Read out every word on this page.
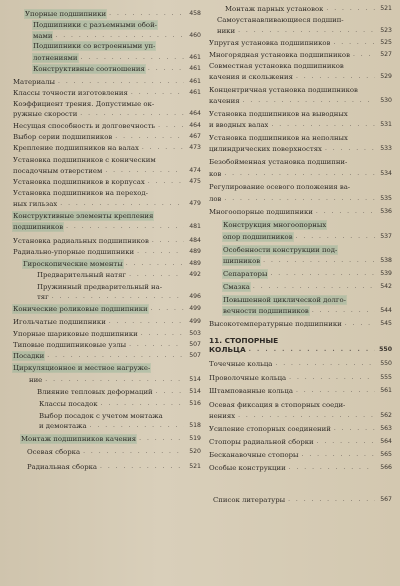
Упорные подшипники . . .	458
Подшипники с разъемными обой-
мами . . .	460
Подшипники со встроенными уп-
лотнениями . . .	461
Конструктивные соотношения . . .	461
Материалы . . .	461
Классы точности изготовления . . .	461
Коэффициент трения. Допустимые ок-
ружные скорости . . .	464
Несущая способность и долговечность . . .	464
Выбор серии подшипников . . .	467
Крепление подшипников на валах . . .	473
Установка подшипников с коническим
посадочным отверстием . . .	474
Установка подшипников в корпусах . . .	475
Установка подшипников на переход-
ных гильзах . . .	479
Конструктивные элементы крепления
подшипников . . .	481
Установка радиальных подшипников . . .	484
Радиально-упорные подшипники . . .	489
Гироскопические моменты . . .	489
Предварительный натяг . . .	492
Пружинный предварительный на-
тяг . . .	496
Конические роликовые подшипники . . .	499
Игольчатые подшипники . . .	499
Упорные шариковые подшипники . . .	503
Типовые подшипниковые узлы . . .	507
Посадки . . .	507
Циркуляционное и местное нагруже-
ние . . .	514
Влияние тепловых деформаций . . .	514
Классы посадок . . .	516
Выбор посадок с учетом монтажа
и демонтажа . . .	518
Монтаж подшипников качения . . .	519
Осевая сборка . . .	520
Радиальная сборка . . .	521
Монтаж парных установок . . .	521
Самоустанавливающиеся подшип-
ники . . .	523
Упругая установка подшипников . . .	525
Многорядная установка подшипников . . .	527
Совместная установка подшипников
качения и скольжения . . .	529
Концентричная установка подшипников
качения . . .	530
Установка подшипников на выводных
и вводных валах . . .	531
Установка подшипников на неполных
цилиндрических поверхностях . . .	533
Безобойменная установка подшипни-
ков . . .	534
Регулирование осевого положения ва-
лов . . .	535
Многоопорные подшипники . . .	536
Конструкция многоопорных
опор подшипников . . .	537
Особенности конструкции под-
шипников . . .	538
Сепараторы . . .	539
Смазка . . .	542
Повышенной циклической долго-
вечности подшипников . . .	544
Высокотемпературные подшипники . . .	545
11. СТОПОРНЫЕ
КОЛЬЦА . . .	550
Точечные кольца . . .	550
Проволочные кольца . . .	555
Штампованные кольца . . .	561
Осевая фиксация в стопорных соеди-
нениях . . .	562
Усиление стопорных соединений . . .	563
Стопоры радиальной сборки . . .	564
Бесканавочные стопоры . . .	565
Особые конструкции . . .	566
Список литературы . . .	567
